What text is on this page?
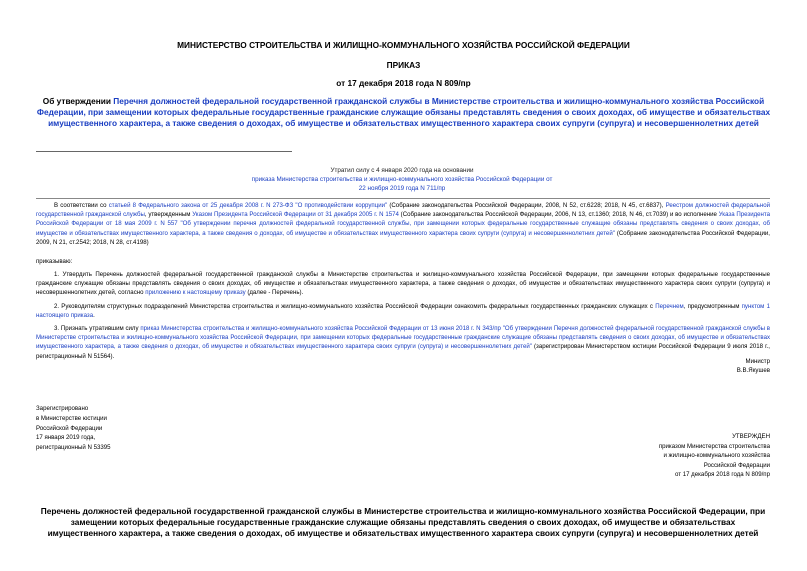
МИНИСТЕРСТВО СТРОИТЕЛЬСТВА И ЖИЛИЩНО-КОММУНАЛЬНОГО ХОЗЯЙСТВА РОССИЙСКОЙ ФЕДЕРАЦИИ
ПРИКАЗ
от 17 декабря 2018 года N 809/пр
Об утверждении Перечня должностей федеральной государственной гражданской службы в Министерстве строительства и жилищно-коммунального хозяйства Российской Федерации, при замещении которых федеральные государственные гражданские служащие обязаны представлять сведения о своих доходах, об имуществе и обязательствах имущественного характера, а также сведения о доходах, об имуществе и обязательствах имущественного характера своих супруги (супруга) и несовершеннолетних детей
Утратил силу с 4 января 2020 года на основании
приказа Министерства строительства и жилищно-коммунального хозяйства Российской Федерации от 22 ноября 2019 года N 711/пр
В соответствии со статьей 8 Федерального закона от 25 декабря 2008 г. N 273-ФЗ "О противодействии коррупции" (Собрание законодательства Российской Федерации, 2008, N 52, ст.6228; 2018, N 45, ст.6837), Реестром должностей федеральной государственной гражданской службы, утвержденным Указом Президента Российской Федерации от 31 декабря 2005 г. N 1574 (Собрание законодательства Российской Федерации, 2006, N 13, ст.1360; 2018, N 46, ст.7039) и во исполнение Указа Президента Российской Федерации от 18 мая 2009 г. N 557 "Об утверждении перечня должностей федеральной государственной службы, при замещении которых федеральные государственные служащие обязаны представлять сведения о своих доходах, об имуществе и обязательствах имущественного характера, а также сведения о доходах, об имуществе и обязательствах имущественного характера своих супруги (супруга) и несовершеннолетних детей" (Собрание законодательства Российской Федерации, 2009, N 21, ст.2542; 2018, N 28, ст.4198)
приказываю:
1. Утвердить Перечень должностей федеральной государственной гражданской службы в Министерстве строительства и жилищно-коммунального хозяйства Российской Федерации, при замещении которых федеральные государственные гражданские служащие обязаны представлять сведения о своих доходах, об имуществе и обязательствах имущественного характера, а также сведения о доходах, об имуществе и обязательствах имущественного характера своих супруги (супруга) и несовершеннолетних детей, согласно приложению к настоящему приказу (далее - Перечень).
2. Руководителям структурных подразделений Министерства строительства и жилищно-коммунального хозяйства Российской Федерации ознакомить федеральных государственных гражданских служащих с Перечнем, предусмотренным пунктом 1 настоящего приказа.
3. Признать утратившим силу приказ Министерства строительства и жилищно-коммунального хозяйства Российской Федерации от 13 июня 2018 г. N 343/пр "Об утверждении Перечня должностей федеральной государственной гражданской службы в Министерстве строительства и жилищно-коммунального хозяйства Российской Федерации, при замещении которых федеральные государственные гражданские служащие обязаны представлять сведения о своих доходах, об имуществе и обязательствах имущественного характера, а также сведения о доходах, об имуществе и обязательствах имущественного характера своих супруги (супруга) и несовершеннолетних детей" (зарегистрирован Министерством юстиции Российской Федерации 9 июля 2018 г., регистрационный N 51564).
Министр
В.В.Якушев
Зарегистрировано
в Министерстве юстиции
Российской Федерации
17 января 2019 года,
регистрационный N 53395
УТВЕРЖДЕН
приказом Министерства строительства
и жилищно-коммунального хозяйства
Российской Федерации
от 17 декабря 2018 года N 809/пр
Перечень должностей федеральной государственной гражданской службы в Министерстве строительства и жилищно-коммунального хозяйства Российской Федерации, при замещении которых федеральные государственные гражданские служащие обязаны представлять сведения о своих доходах, об имуществе и обязательствах имущественного характера, а также сведения о доходах, об имуществе и обязательствах имущественного характера своих супруги (супруга) и несовершеннолетних детей
